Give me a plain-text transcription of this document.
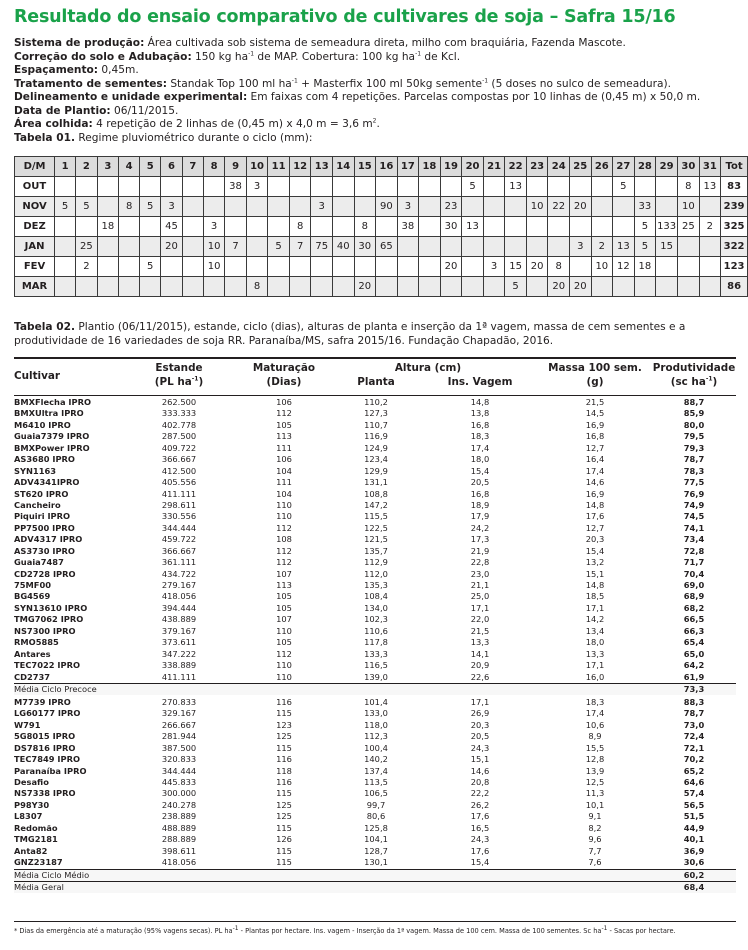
Resultado do ensaio comparativo de cultivares de soja – Safra 15/16
Sistema de produção: Área cultivada sob sistema de semeadura direta, milho com braquiária, Fazenda Mascote.
Correção do solo e Adubação: 150 kg $ha^{-1}$ de MAP. Cobertura: 100 kg $ha^{-1}$ de Kcl.
Espaçamento: 0,45m.
Tratamento de sementes: Standak Top 100 ml $ha^{-1}$ + Masterfix 100 ml 50kg semente$^{-1}$ (5 doses no sulco de semeadura).
Delineamento e unidade experimental: Em faixas com 4 repetições. Parcelas compostas por 10 linhas de (0,45 m) x 50,0 m.
Data de Plantio: 06/11/2015.
Área colhida: 4 repetição de 2 linhas de (0,45 m) x 4,0 m = 3,6 $m^2$.
Tabela 01. Regime pluviométrico durante o ciclo (mm):
D/M	1	2	3	4	5	6	7	8	9	10	11	12	13	14	15	16	17	18	19	20	21	22	23	24	25	26	27	28	29	30	31	Tot
OUT									38	3										5		13					5			8	13	83
NOV	5	5		8	5	3							3			90	3		23				10	22	20			33		10		239
DEZ			18			45		3				8			8		38		30	13								5	133	25	2	325
JAN		25				20		10	7		5	7	75	40	30	65									3	2	13	5	15			322
FEV		2			5			10											20		3	15	20	8		10	12	18				123
MAR										8					20							5		20	20							86
Tabela 02. Plantio (06/11/2015), estande, ciclo (dias), alturas de planta e inserção da 1ª vagem, massa de cem sementes e a produtividade de 16 variedades de soja RR. Paranaíba/MS, safra 2015/16. Fundação Chapadão, 2016.
Cultivar
Estande
(PL $ha^{-1}$)
Maturação
(Dias)
Altura (cm)
Planta	Ins. Vagem
Massa 100 sem.
(g)
Produtividade
(sc $ha^{-1}$)
BMXFlecha IPRO	262.500	106	110,2	14,8	21,5	88,7
BMXUltra IPRO	333.333	112	127,3	13,8	14,5	85,9
M6410 IPRO	402.778	105	110,7	16,8	16,9	80,0
Guaia7379 IPRO	287.500	113	116,9	18,3	16,8	79,5
BMXPower IPRO	409.722	111	124,9	17,4	12,7	79,3
AS3680 IPRO	366.667	106	123,4	18,0	16,4	78,7
SYN1163	412.500	104	129,9	15,4	17,4	78,3
ADV4341IPRO	405.556	111	131,1	20,5	14,6	77,5
ST620 IPRO	411.111	104	108,8	16,8	16,9	76,9
Cancheiro	298.611	110	147,2	18,9	14,8	74,9
Piquiri IPRO	330.556	110	115,5	17,9	17,6	74,5
PP7500 IPRO	344.444	112	122,5	24,2	12,7	74,1
ADV4317 IPRO	459.722	108	121,5	17,3	20,3	73,4
AS3730 IPRO	366.667	112	135,7	21,9	15,4	72,8
Guaia7487	361.111	112	112,9	22,8	13,2	71,7
CD2728 IPRO	434.722	107	112,0	23,0	15,1	70,4
75MF00	279.167	113	135,3	21,1	14,8	69,0
BG4569	418.056	105	108,4	25,0	18,5	68,9
SYN13610 IPRO	394.444	105	134,0	17,1	17,1	68,2
TMG7062 IPRO	438.889	107	102,3	22,0	14,2	66,5
NS7300 IPRO	379.167	110	110,6	21,5	13,4	66,3
RMO5885	373.611	105	117,8	13,3	18,0	65,4
Antares	347.222	112	133,3	14,1	13,3	65,0
TEC7022 IPRO	338.889	110	116,5	20,9	17,1	64,2
CD2737	411.111	110	139,0	22,6	16,0	61,9
Média Ciclo Precoce	73,3
M7739 IPRO	270.833	116	101,4	17,1	18,3	88,3
LG60177 IPRO	329.167	115	133,0	26,9	17,4	78,7
W791	266.667	123	118,0	20,3	10,6	73,0
5G8015 IPRO	281.944	125	112,3	20,5	8,9	72,4
DS7816 IPRO	387.500	115	100,4	24,3	15,5	72,1
TEC7849 IPRO	320.833	116	140,2	15,1	12,8	70,2
Paranaíba IPRO	344.444	118	137,4	14,6	13,9	65,2
Desafio	445.833	116	113,5	20,8	12,5	64,6
NS7338 IPRO	300.000	115	106,5	22,2	11,3	57,4
P98Y30	240.278	125	99,7	26,2	10,1	56,5
L8307	238.889	125	80,6	17,6	9,1	51,5
Redomão	488.889	115	125,8	16,5	8,2	44,9
TMG2181	288.889	126	104,1	24,3	9,6	40,1
Anta82	398.611	115	128,7	17,6	7,7	36,9
GNZ23187	418.056	115	130,1	15,4	7,6	30,6
Média Ciclo Médio	60,2
Média Geral	68,4
* Dias da emergência até a maturação (95% vagens secas). PL $ha^{-1}$ - Plantas por hectare. Ins. vagem - Inserção da 1ª vagem. Massa de 100 cem. Massa de 100 sementes. Sc $ha^{-1}$ - Sacas por hectare.
